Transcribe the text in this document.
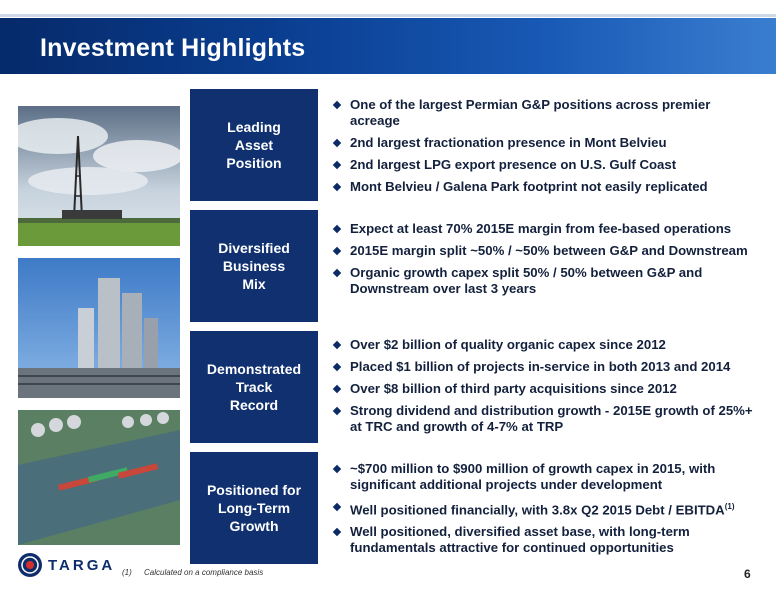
Investment Highlights
Leading
Asset
Position
Diversified
Business
Mix
Demonstrated
Track
Record
Positioned for
Long-Term
Growth
One of the largest Permian G&P positions across premier acreage
2nd largest fractionation presence in Mont Belvieu
2nd largest LPG export presence on U.S. Gulf Coast
Mont Belvieu / Galena Park footprint not easily replicated
Expect at least 70% 2015E margin from fee-based operations
2015E margin split ~50% / ~50% between G&P and Downstream
Organic growth capex split 50% / 50% between G&P and Downstream over last 3 years
Over $2 billion of quality organic capex since 2012
Placed $1 billion of projects in-service in both 2013 and 2014
Over $8 billion of third party acquisitions since 2012
Strong dividend and distribution growth - 2015E growth of 25%+ at TRC and growth of 4-7% at TRP
~$700 million to $900 million of growth capex in 2015, with significant additional projects under development
Well positioned financially, with 3.8x Q2 2015 Debt / EBITDA$^{(1)}$
Well positioned, diversified asset base, with long-term fundamentals attractive for continued opportunities
TARGA (1) Calculated on a compliance basis	6
